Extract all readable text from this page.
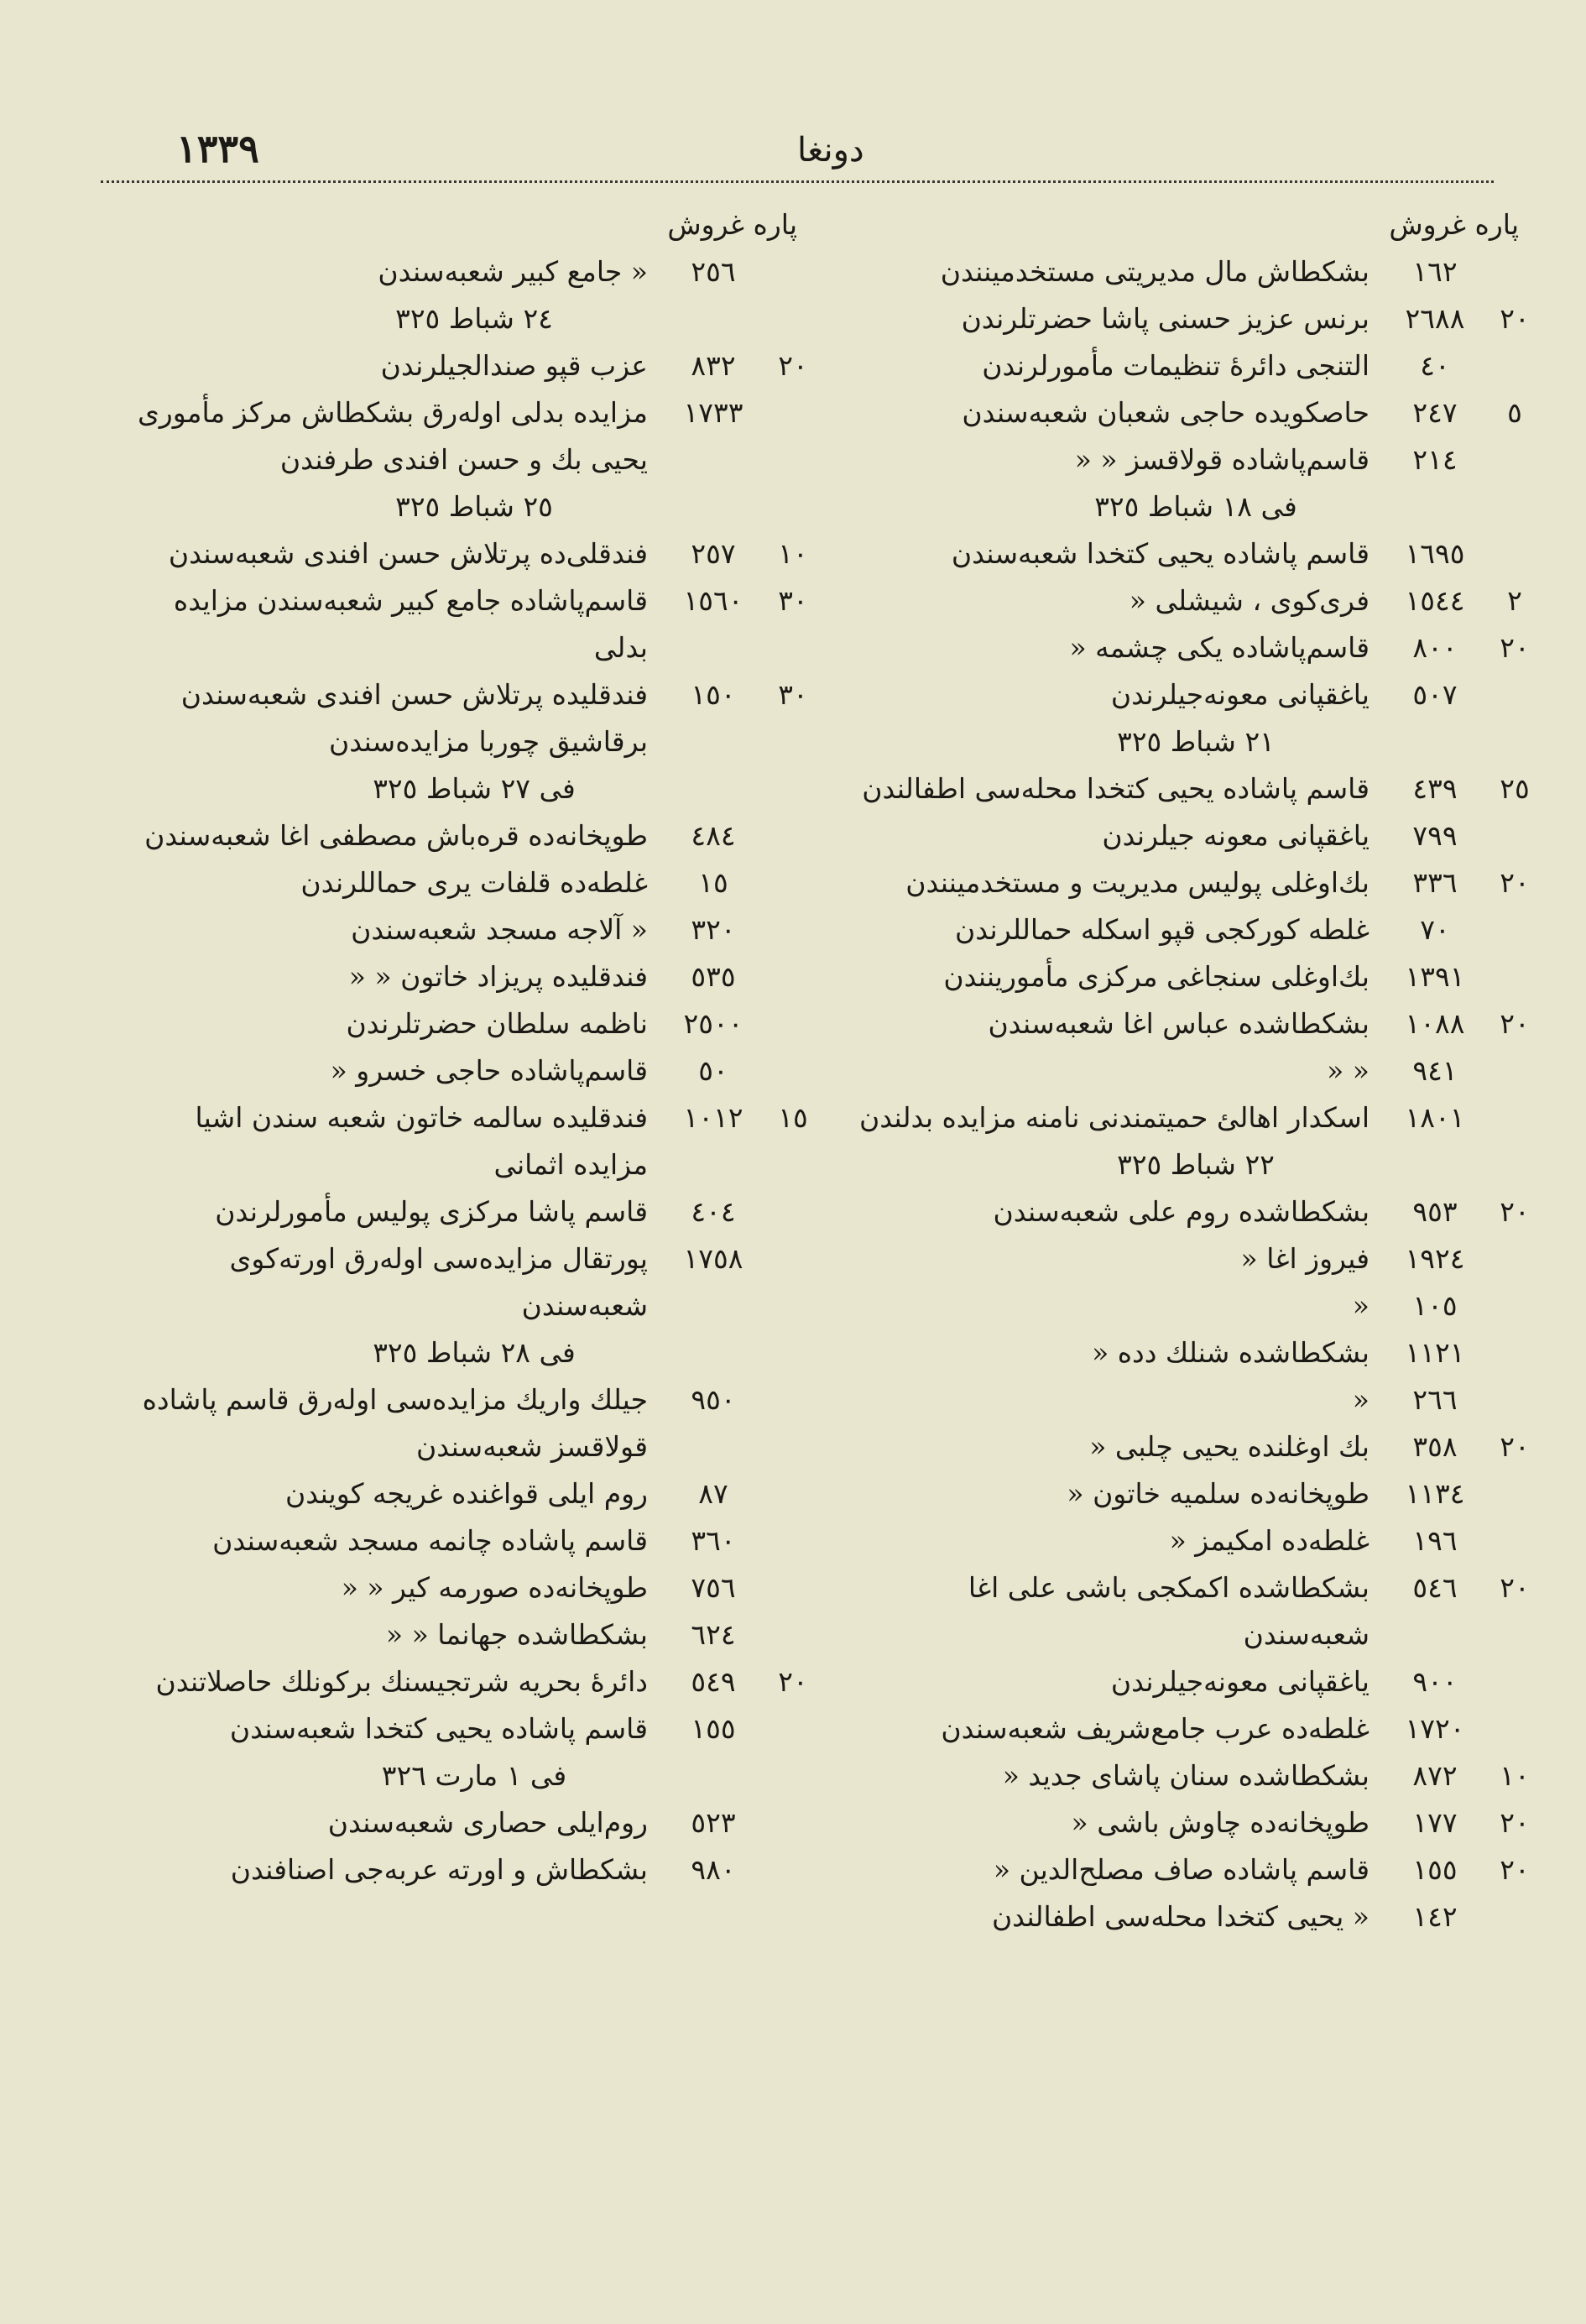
١٣٣٩	دونغا
پاره غروش
١٦٢
بشكطاش مال مديريتى مستخدمينندن
٢٠
٢٦٨٨
برنس عزيز حسنى پاشا حضرتلرندن
٤٠
التنجى دائرهٔ تنظيمات مأمورلرندن
٥
٢٤٧
حاصكويده حاجى شعبان شعبه‌سندن
٢١٤
قاسم‌پاشاده قولاقسز « «
فى ١٨ شباط ٣٢٥
١٦٩٥
قاسم پاشاده يحيى كتخدا شعبه‌سندن
٢
١٥٤٤
فرى‌كوى ، شيشلى «
٢٠
٨٠٠
قاسم‌پاشاده يكى چشمه «
٥٠٧
ياغقپانى معونه‌جيلرندن
٢١ شباط ٣٢٥
٢٥
٤٣٩
قاسم پاشاده يحيى كتخدا محله‌سى اطفالندن
٧٩٩
ياغقپانى معونه جيلرندن
٢٠
٣٣٦
بك‌اوغلى پوليس مديريت و مستخدمينندن
٧٠
غلطه كوركجى قپو اسكله حماللرندن
١٣٩١
بك‌اوغلى سنجاغى مركزى مأمورينندن
٢٠
١٠٨٨
بشكطاشده عباس اغا شعبه‌سندن
٩٤١
« «
١٨٠١
اسكدار اهالئ حميتمندنى نامنه مزايده بدلندن
٢٢ شباط ٣٢٥
٢٠
٩٥٣
بشكطاشده روم على شعبه‌سندن
١٩٢٤
فيروز اغا «
١٠٥
«
١١٢١
بشكطاشده شنلك دده «
٢٦٦
«
٢٠
٣٥٨
بك اوغلنده يحيى چلبى «
١١٣٤
طوپخانه‌ده سلميه خاتون «
١٩٦
غلطه‌ده امكيمز «
٢٠
٥٤٦
بشكطاشده اكمكجى باشى على اغا شعبه‌سندن
٩٠٠
ياغقپانى معونه‌جيلرندن
١٧٢٠
غلطه‌ده عرب جامع‌شريف شعبه‌سندن
١٠
٨٧٢
بشكطاشده سنان پاشاى جديد «
٢٠
١٧٧
طوپخانه‌ده چاوش باشى «
٢٠
١٥٥
قاسم پاشاده صاف مصلح‌الدين «
١٤٢
« يحيى كتخدا محله‌سى اطفالندن
پاره غروش
٢٥٦
« جامع كبير شعبه‌سندن
٢٤ شباط ٣٢٥
٢٠
٨٣٢
عزب قپو صندالجيلرندن
١٧٣٣
مزايده بدلى اوله‌رق بشكطاش مركز مأمورى يحيى بك و حسن افندى طرفندن
٢٥ شباط ٣٢٥
١٠
٢٥٧
فندقلى‌ده پرتلاش حسن افندى شعبه‌سندن
٣٠
١٥٦٠
قاسم‌پاشاده جامع كبير شعبه‌سندن مزايده بدلى
٣٠
١٥٠
فندقليده پرتلاش حسن افندى شعبه‌سندن برقاشيق چوربا مزايده‌سندن
فى ٢٧ شباط ٣٢٥
٤٨٤
طوپخانه‌ده قره‌باش مصطفى اغا شعبه‌سندن
١٥
غلطه‌ده قلفات يرى حماللرندن
٣٢٠
« آلاجه مسجد شعبه‌سندن
٥٣٥
فندقليده پريزاد خاتون « «
٢٥٠٠
ناظمه سلطان حضرتلرندن
٥٠
قاسم‌پاشاده حاجى خسرو «
١٥
١٠١٢
فندقليده سالمه خاتون شعبه سندن اشيا مزايده اثمانى
٤٠٤
قاسم پاشا مركزى پوليس مأمورلرندن
١٧٥٨
پورتقال مزايده‌سى اوله‌رق اورته‌كوى شعبه‌سندن
فى ٢٨ شباط ٣٢٥
٩٥٠
جيلك واريك مزايده‌سى اوله‌رق قاسم پاشاده قولاقسز شعبه‌سندن
٨٧
روم ايلى قواغنده غريجه كويندن
٣٦٠
قاسم پاشاده چانمه مسجد شعبه‌سندن
٧٥٦
طوپخانه‌ده صورمه كير « «
٦٢٤
بشكطاشده جهانما « «
٢٠
٥٤٩
دائرهٔ بحريه شرتجيسنك بركونلك حاصلاتندن
١٥٥
قاسم پاشاده يحيى كتخدا شعبه‌سندن
فى ١ مارت ٣٢٦
٥٢٣
روم‌ايلى حصارى شعبه‌سندن
٩٨٠
بشكطاش و اورته عربه‌جى اصنافندن
